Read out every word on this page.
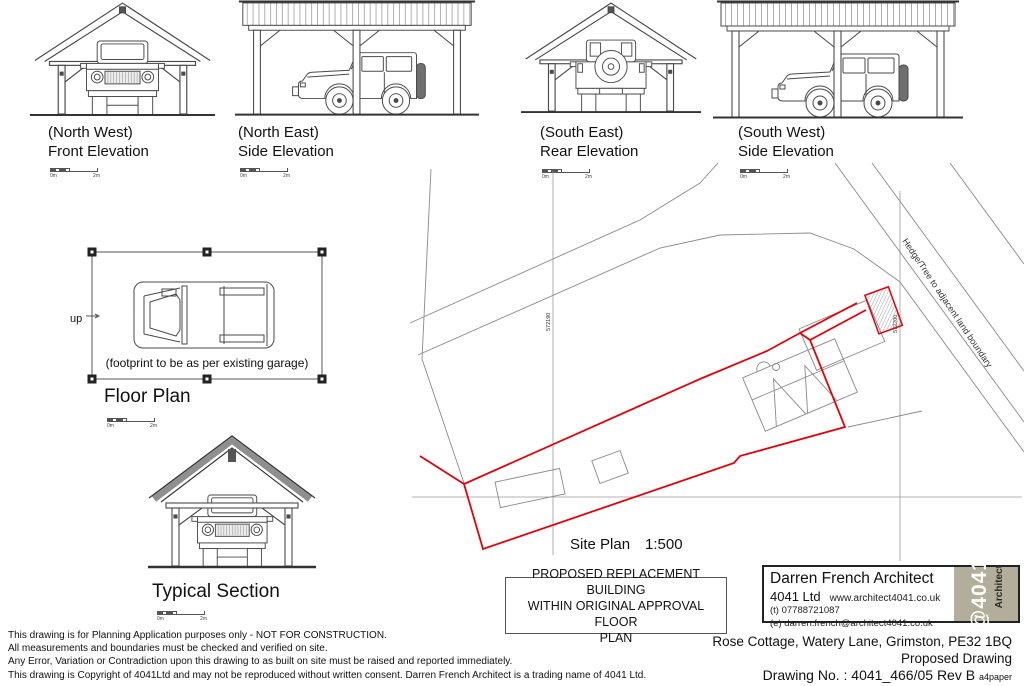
(North West)
Front Elevation
(North East)
Side Elevation
(South East)
Rear Elevation
(South West)
Side Elevation
0m	2m	0m	2m	0m	2m	0m	2m
up
(footprint to be as per existing garage)
Floor Plan
0m	2m
Typical Section
0m	2m
572190	Hedge/Tree to adjacent land boundary
Site Plan 1:500
PROPOSED REPLACEMENT BUILDING
WITHIN ORIGINAL APPROVAL FLOOR
PLAN
Darren French Architect
4041 Ltd www.architect4041.co.uk
(t) 07788721087
(e) darren.french@architect4041.co.uk	@4041 Architect
Rose Cottage, Watery Lane, Grimston, PE32 1BQ
Proposed Drawing
Drawing No. : 4041_466/05 Rev B a4paper
This drawing is for Planning Application purposes only - NOT FOR CONSTRUCTION.
All measurements and boundaries must be checked and verified on site.
Any Error, Variation or Contradiction upon this drawing to as built on site must be raised and reported immediately.
This drawing is Copyright of 4041Ltd and may not be reproduced without written consent. Darren French Architect is a trading name of 4041 Ltd.
